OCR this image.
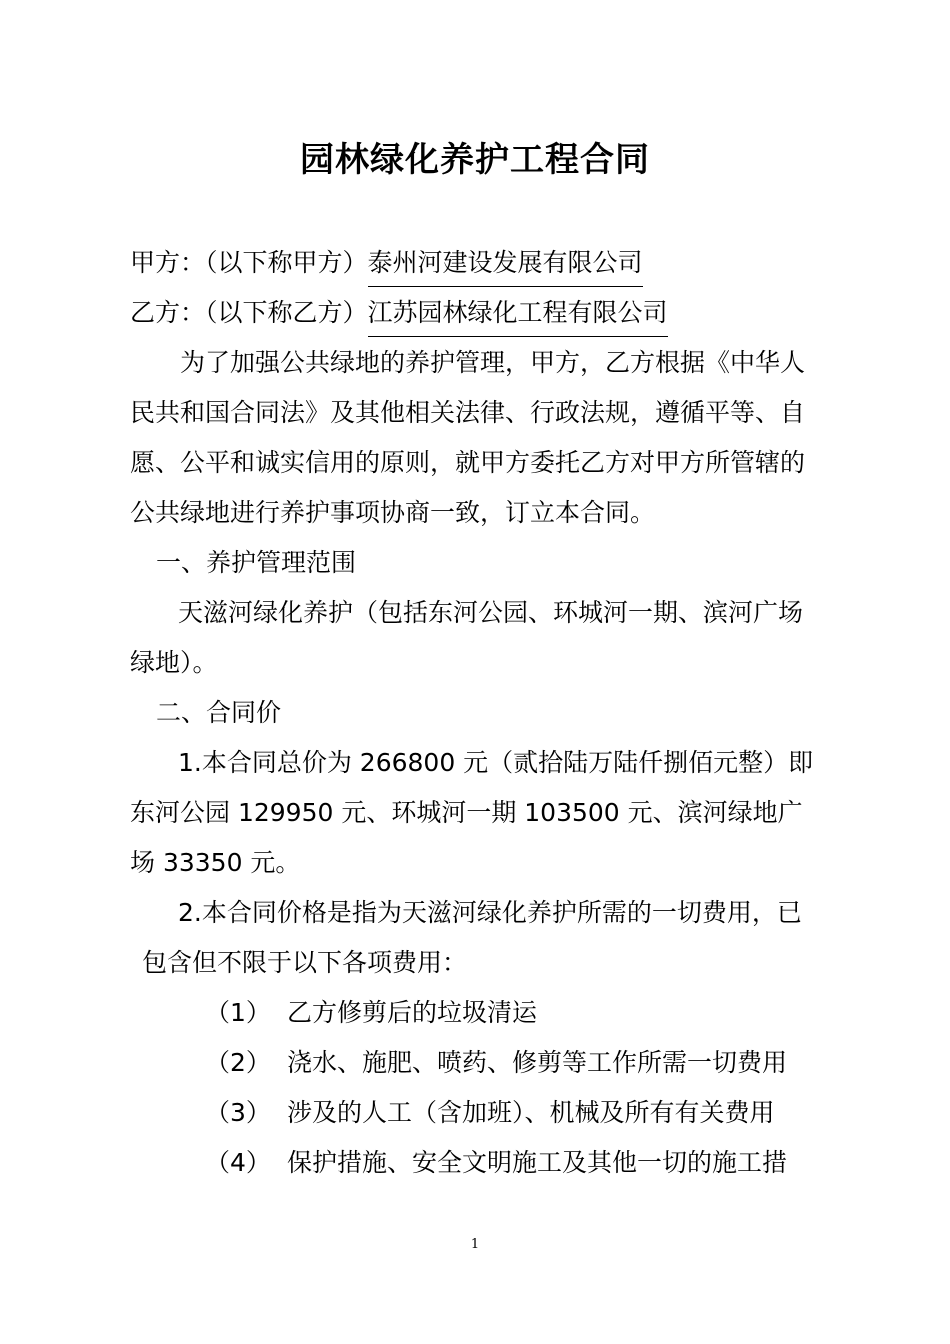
园林绿化养护工程合同
甲方：（以下称甲方）泰州河建设发展有限公司
乙方：（以下称乙方）江苏园林绿化工程有限公司
为了加强公共绿地的养护管理，甲方，乙方根据《中华人
民共和国合同法》及其他相关法律、行政法规，遵循平等、自
愿、公平和诚实信用的原则，就甲方委托乙方对甲方所管辖的
公共绿地进行养护事项协商一致，订立本合同。
一、养护管理范围
天滋河绿化养护（包括东河公园、环城河一期、滨河广场
绿地）。
二、合同价
1.本合同总价为 266800 元（贰拾陆万陆仟捌佰元整）即
东河公园 129950 元、环城河一期 103500 元、滨河绿地广
场 33350 元。
2.本合同价格是指为天滋河绿化养护所需的一切费用，已
包含但不限于以下各项费用：
（1） 乙方修剪后的垃圾清运
（2） 浇水、施肥、喷药、修剪等工作所需一切费用
（3） 涉及的人工（含加班）、机械及所有有关费用
（4） 保护措施、安全文明施工及其他一切的施工措
1
